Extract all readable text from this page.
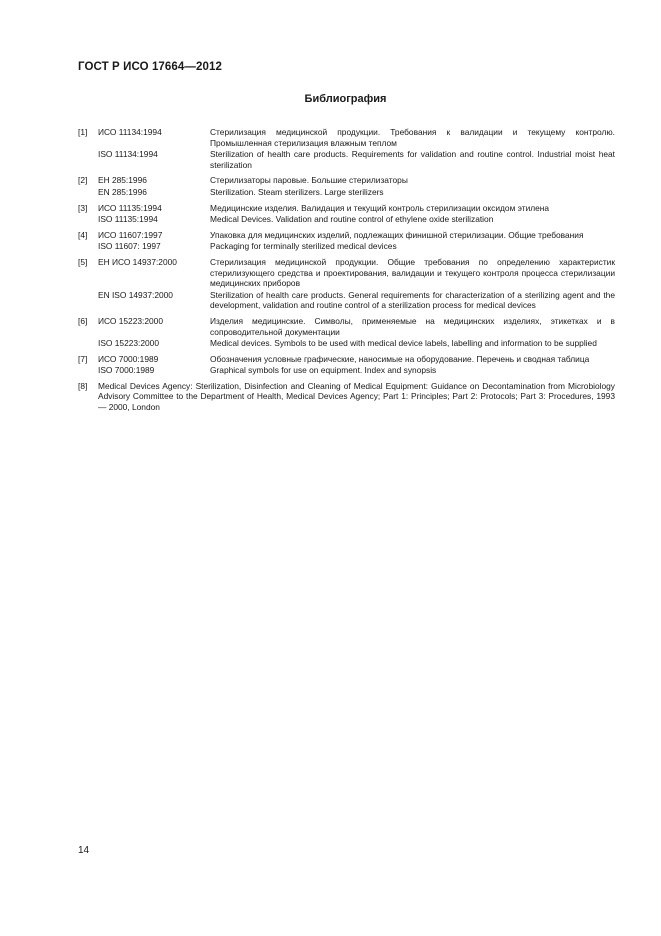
ГОСТ Р ИСО 17664—2012
Библиография
[1]	ИСО 11134:1994	Стерилизация медицинской продукции. Требования к валидации и текущему контролю. Промышленная стерилизация влажным теплом
ISO 11134:1994	Sterilization of health care products. Requirements for validation and routine control. Industrial moist heat sterilization
[2]	ЕН 285:1996	Стерилизаторы паровые. Большие стерилизаторы
EN 285:1996	Sterilization. Steam sterilizers. Large sterilizers
[3]	ИСО 11135:1994	Медицинские изделия. Валидация и текущий контроль стерилизации оксидом этилена
ISO 11135:1994	Medical Devices. Validation and routine control of ethylene oxide sterilization
[4]	ИСО 11607:1997	Упаковка для медицинских изделий, подлежащих финишной стерилизации. Общие требования
ISO 11607: 1997	Packaging for terminally sterilized medical devices
[5]	ЕН ИСО 14937:2000	Стерилизация медицинской продукции. Общие требования по определению характеристик стерилизующего средства и проектирования, валидации и текущего контроля процесса стерилизации медицинских приборов
EN ISO 14937:2000	Sterilization of health care products. General requirements for characterization of a sterilizing agent and the development, validation and routine control of a sterilization process for medical devices
[6]	ИСО 15223:2000	Изделия медицинские. Символы, применяемые на медицинских изделиях, этикетках и в сопроводительной документации
ISO 15223:2000	Medical devices. Symbols to be used with medical device labels, labelling and information to be supplied
[7]	ИСО 7000:1989	Обозначения условные графические, наносимые на оборудование. Перечень и сводная таблица
ISO 7000:1989	Graphical symbols for use on equipment. Index and synopsis
[8]	Medical Devices Agency: Sterilization, Disinfection and Cleaning of Medical Equipment: Guidance on Decontamination from Microbiology Advisory Committee to the Department of Health, Medical Devices Agency; Part 1: Principles; Part 2: Protocols; Part 3: Procedures, 1993 — 2000, London
14
